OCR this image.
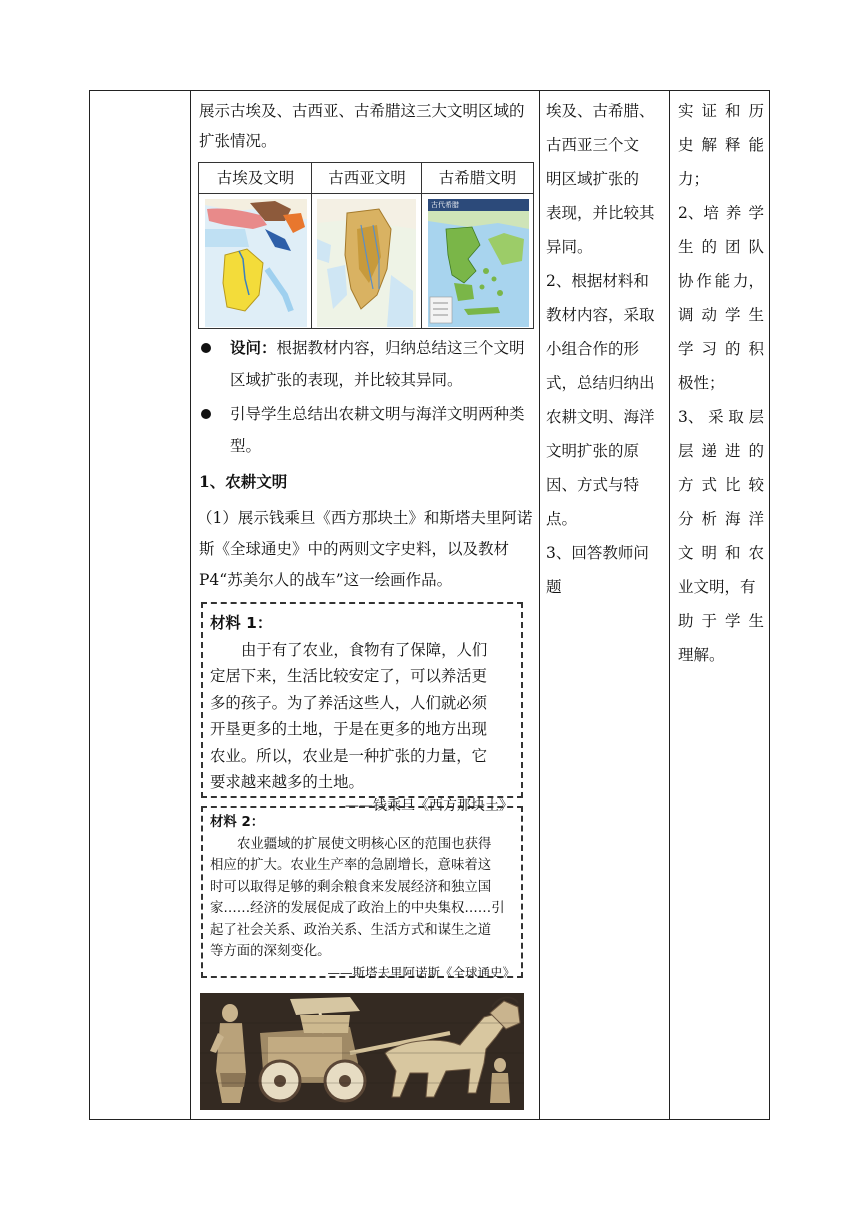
展示古埃及、古西亚、古希腊这三大文明区域的扩张情况。
古埃及文明	古西亚文明	古希腊文明
古代希腊
设问：根据教材内容，归纳总结这三个文明区域扩张的表现，并比较其异同。
引导学生总结出农耕文明与海洋文明两种类型。
1、农耕文明
（1）展示钱乘旦《西方那块土》和斯塔夫里阿诺斯《全球通史》中的两则文字史料，以及教材P4“苏美尔人的战车”这一绘画作品。
材料 1：
由于有了农业，食物有了保障，人们
定居下来，生活比较安定了，可以养活更
多的孩子。为了养活这些人，人们就必须
开垦更多的土地，于是在更多的地方出现
农业。所以，农业是一种扩张的力量，它
要求越来越多的土地。
——钱乘旦《西方那块土》
材料 2：
农业疆域的扩展使文明核心区的范围也获得
相应的扩大。农业生产率的急剧增长，意味着这
时可以取得足够的剩余粮食来发展经济和独立国
家……经济的发展促成了政治上的中央集权……引
起了社会关系、政治关系、生活方式和谋生之道
等方面的深刻变化。
——斯塔夫里阿诺斯《全球通史》
埃及、古希腊、
古西亚三个文
明区域扩张的
表现，并比较其
异同。
2、根据材料和
教材内容，采取
小组合作的形
式，总结归纳出
农耕文明、海洋
文明扩张的原
因、方式与特
点。
3、回答教师问
题
实 证 和 历
史 解 释 能
力；
2、培 养 学
生 的 团 队
协 作 能 力，
调 动 学 生
学 习 的 积
极性；
3、 采 取 层
层 递 进 的
方 式 比 较
分 析 海 洋
文 明 和 农
业文明，有
助 于 学 生
理解。
